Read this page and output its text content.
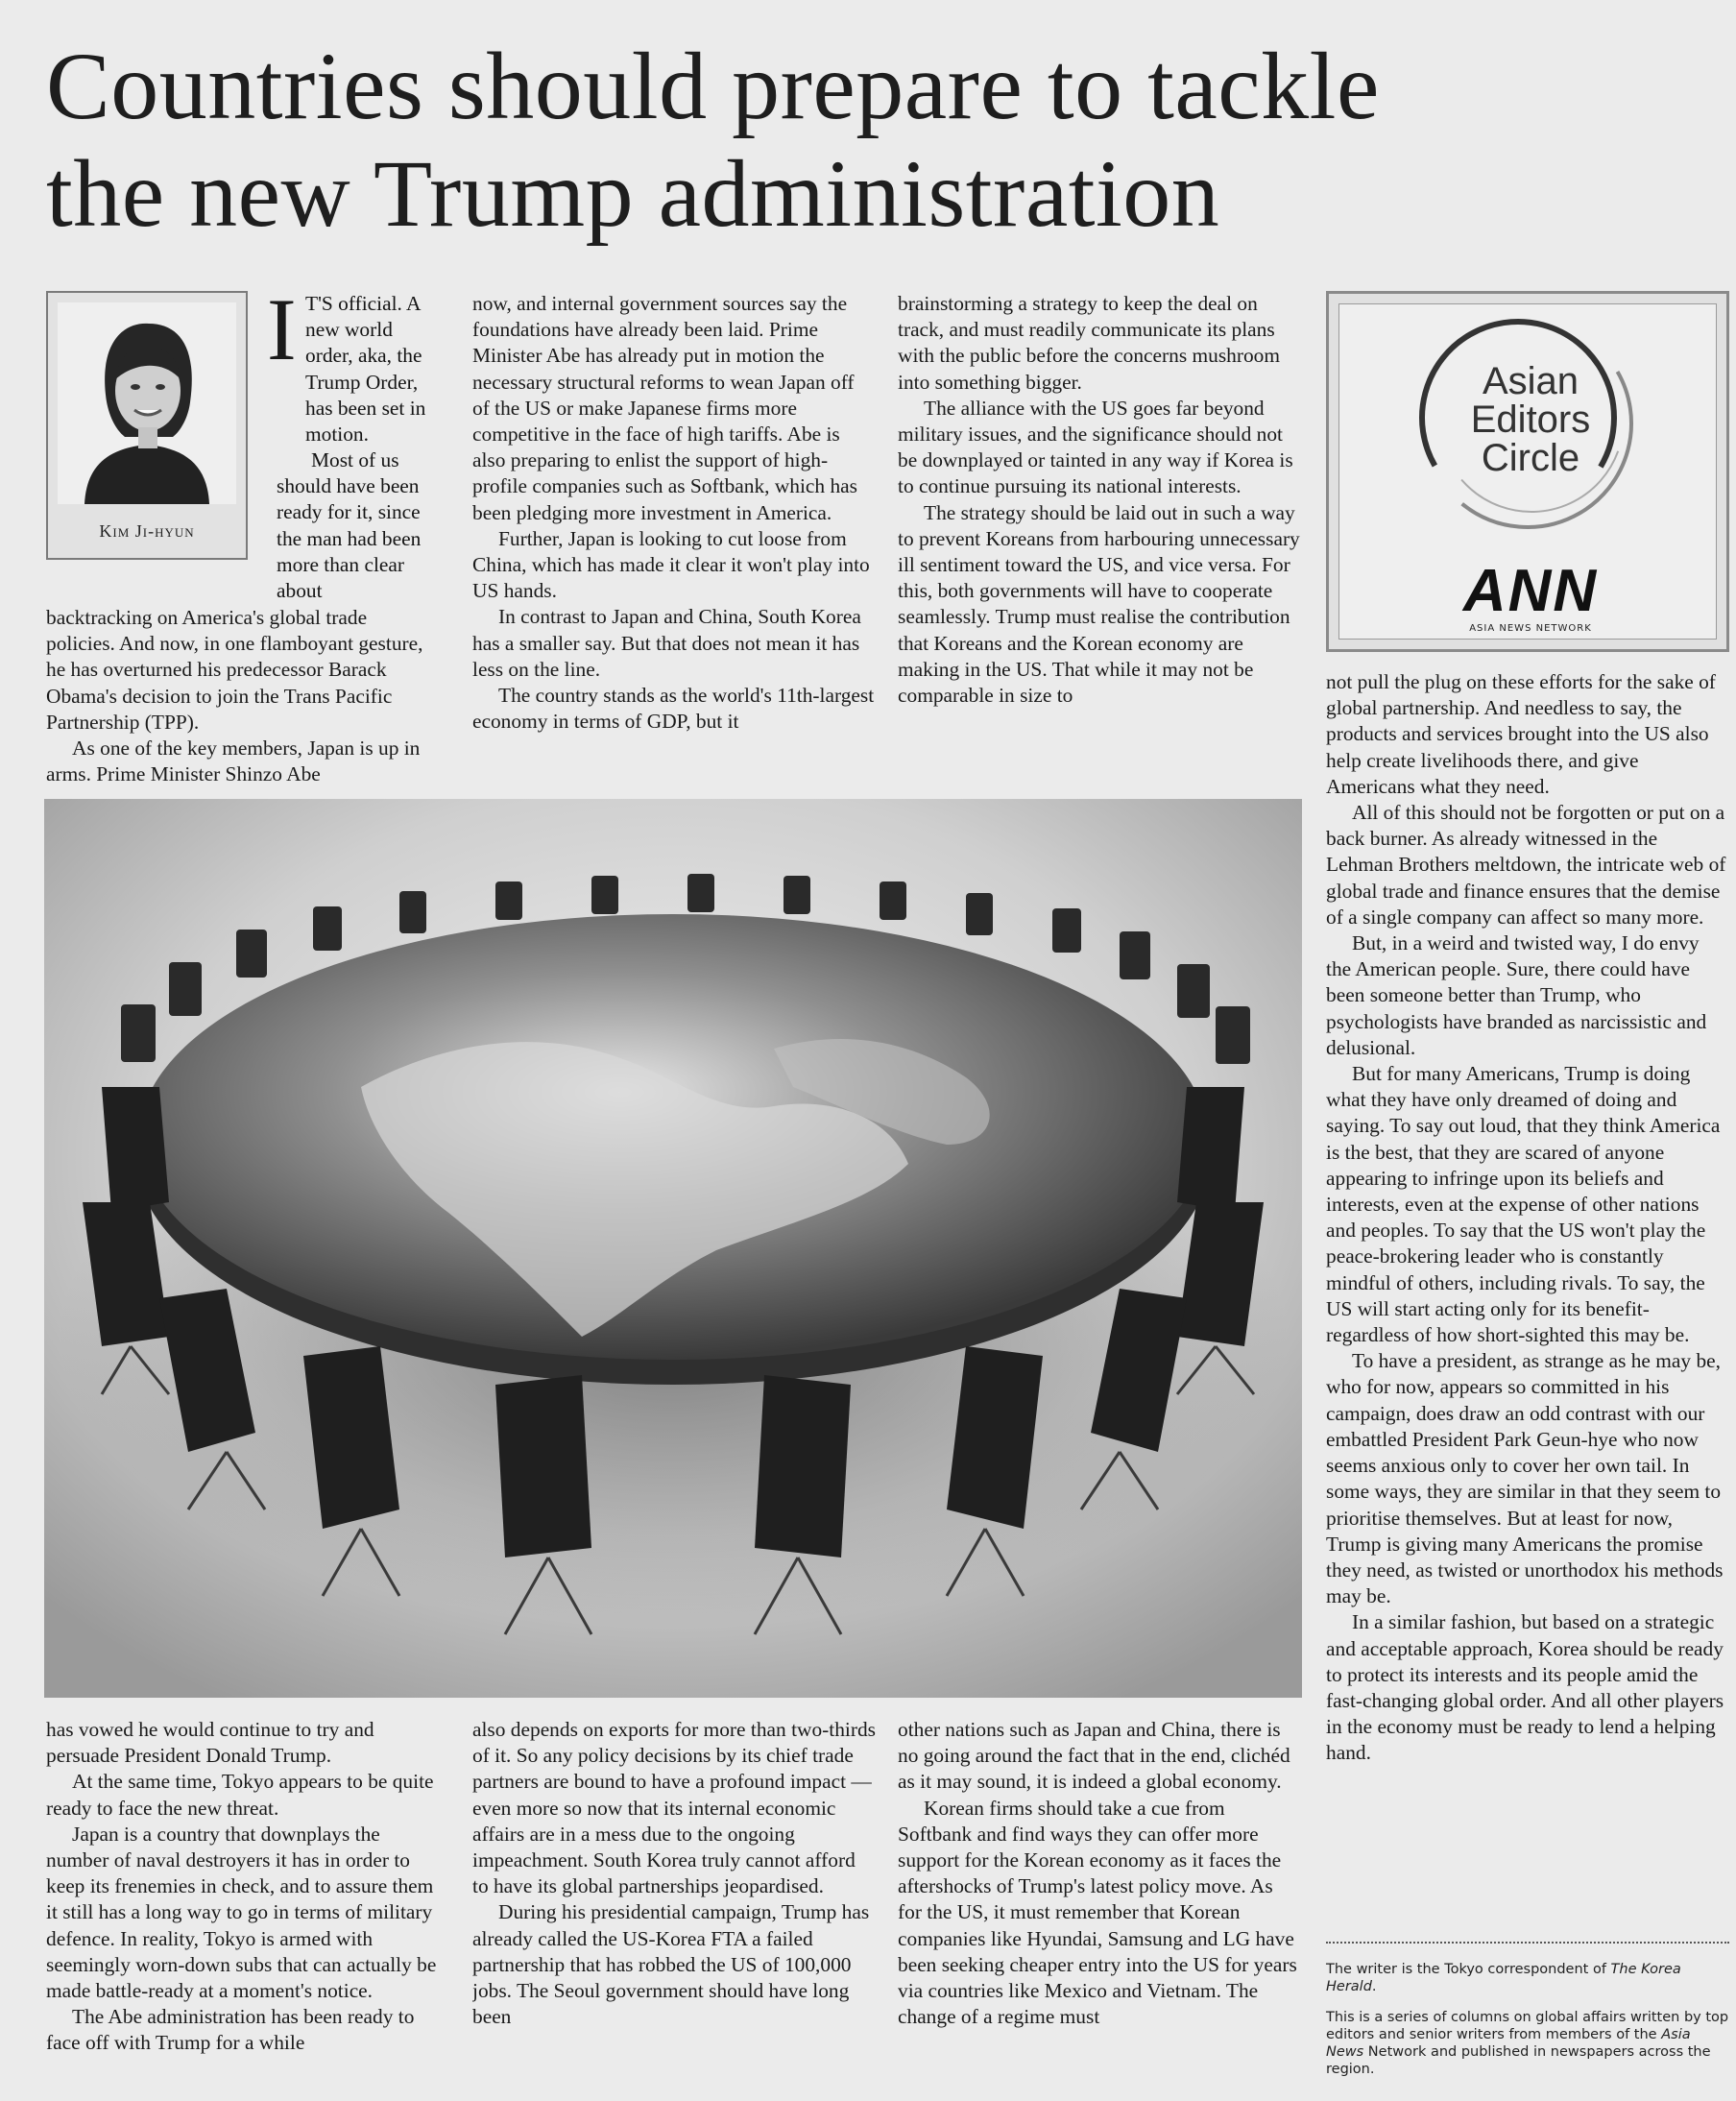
Countries should prepare to tackle
the new Trump administration
Kim Ji-hyun
I T'S official. A new world order, aka, the Trump Order, has been set in motion.

Most of us should have been ready for it, since the man had been more than clear about

backtracking on America's global trade policies. And now, in one flamboyant gesture, he has overturned his predecessor Barack Obama's decision to join the Trans Pacific Partnership (TPP).

As one of the key members, Japan is up in arms. Prime Minister Shinzo Abe

now, and internal government sources say the foundations have already been laid. Prime Minister Abe has already put in motion the necessary structural reforms to wean Japan off of the US or make Japanese firms more competitive in the face of high tariffs. Abe is also preparing to enlist the support of high-profile companies such as Softbank, which has been pledging more investment in America.

Further, Japan is looking to cut loose from China, which has made it clear it won't play into US hands.

In contrast to Japan and China, South Korea has a smaller say. But that does not mean it has less on the line.

The country stands as the world's 11th-largest economy in terms of GDP, but it

brainstorming a strategy to keep the deal on track, and must readily communicate its plans with the public before the concerns mushroom into something bigger.

The alliance with the US goes far beyond military issues, and the significance should not be downplayed or tainted in any way if Korea is to continue pursuing its national interests.

The strategy should be laid out in such a way to prevent Koreans from harbouring unnecessary ill sentiment toward the US, and vice versa. For this, both governments will have to cooperate seamlessly. Trump must realise the contribution that Koreans and the Korean economy are making in the US. That while it may not be comparable in size to

Asian
Editors
Circle
ANN
ASIA NEWS NETWORK

has vowed he would continue to try and persuade President Donald Trump.

At the same time, Tokyo appears to be quite ready to face the new threat.

Japan is a country that downplays the number of naval destroyers it has in order to keep its frenemies in check, and to assure them it still has a long way to go in terms of military defence. In reality, Tokyo is armed with seemingly worn-down subs that can actually be made battle-ready at a moment's notice.

The Abe administration has been ready to face off with Trump for a while

also depends on exports for more than two-thirds of it. So any policy decisions by its chief trade partners are bound to have a profound impact — even more so now that its internal economic affairs are in a mess due to the ongoing impeachment. South Korea truly cannot afford to have its global partnerships jeopardised.

During his presidential campaign, Trump has already called the US-Korea FTA a failed partnership that has robbed the US of 100,000 jobs. The Seoul government should have long been

other nations such as Japan and China, there is no going around the fact that in the end, clichéd as it may sound, it is indeed a global economy.

Korean firms should take a cue from Softbank and find ways they can offer more support for the Korean economy as it faces the aftershocks of Trump's latest policy move. As for the US, it must remember that Korean companies like Hyundai, Samsung and LG have been seeking cheaper entry into the US for years via countries like Mexico and Vietnam. The change of a regime must

not pull the plug on these efforts for the sake of global partnership. And needless to say, the products and services brought into the US also help create livelihoods there, and give Americans what they need.

All of this should not be forgotten or put on a back burner. As already witnessed in the Lehman Brothers meltdown, the intricate web of global trade and finance ensures that the demise of a single company can affect so many more.

But, in a weird and twisted way, I do envy the American people. Sure, there could have been someone better than Trump, who psychologists have branded as narcissistic and delusional.

But for many Americans, Trump is doing what they have only dreamed of doing and saying. To say out loud, that they think America is the best, that they are scared of anyone appearing to infringe upon its beliefs and interests, even at the expense of other nations and peoples. To say that the US won't play the peace-brokering leader who is constantly mindful of others, including rivals. To say, the US will start acting only for its benefit-regardless of how short-sighted this may be.

To have a president, as strange as he may be, who for now, appears so committed in his campaign, does draw an odd contrast with our embattled President Park Geun-hye who now seems anxious only to cover her own tail. In some ways, they are similar in that they seem to prioritise themselves. But at least for now, Trump is giving many Americans the promise they need, as twisted or unorthodox his methods may be.

In a similar fashion, but based on a strategic and acceptable approach, Korea should be ready to protect its interests and its people amid the fast-changing global order. And all other players in the economy must be ready to lend a helping hand.

The writer is the Tokyo correspondent of The Korea Herald.

This is a series of columns on global affairs written by top editors and senior writers from members of the Asia News Network and published in newspapers across the region.
